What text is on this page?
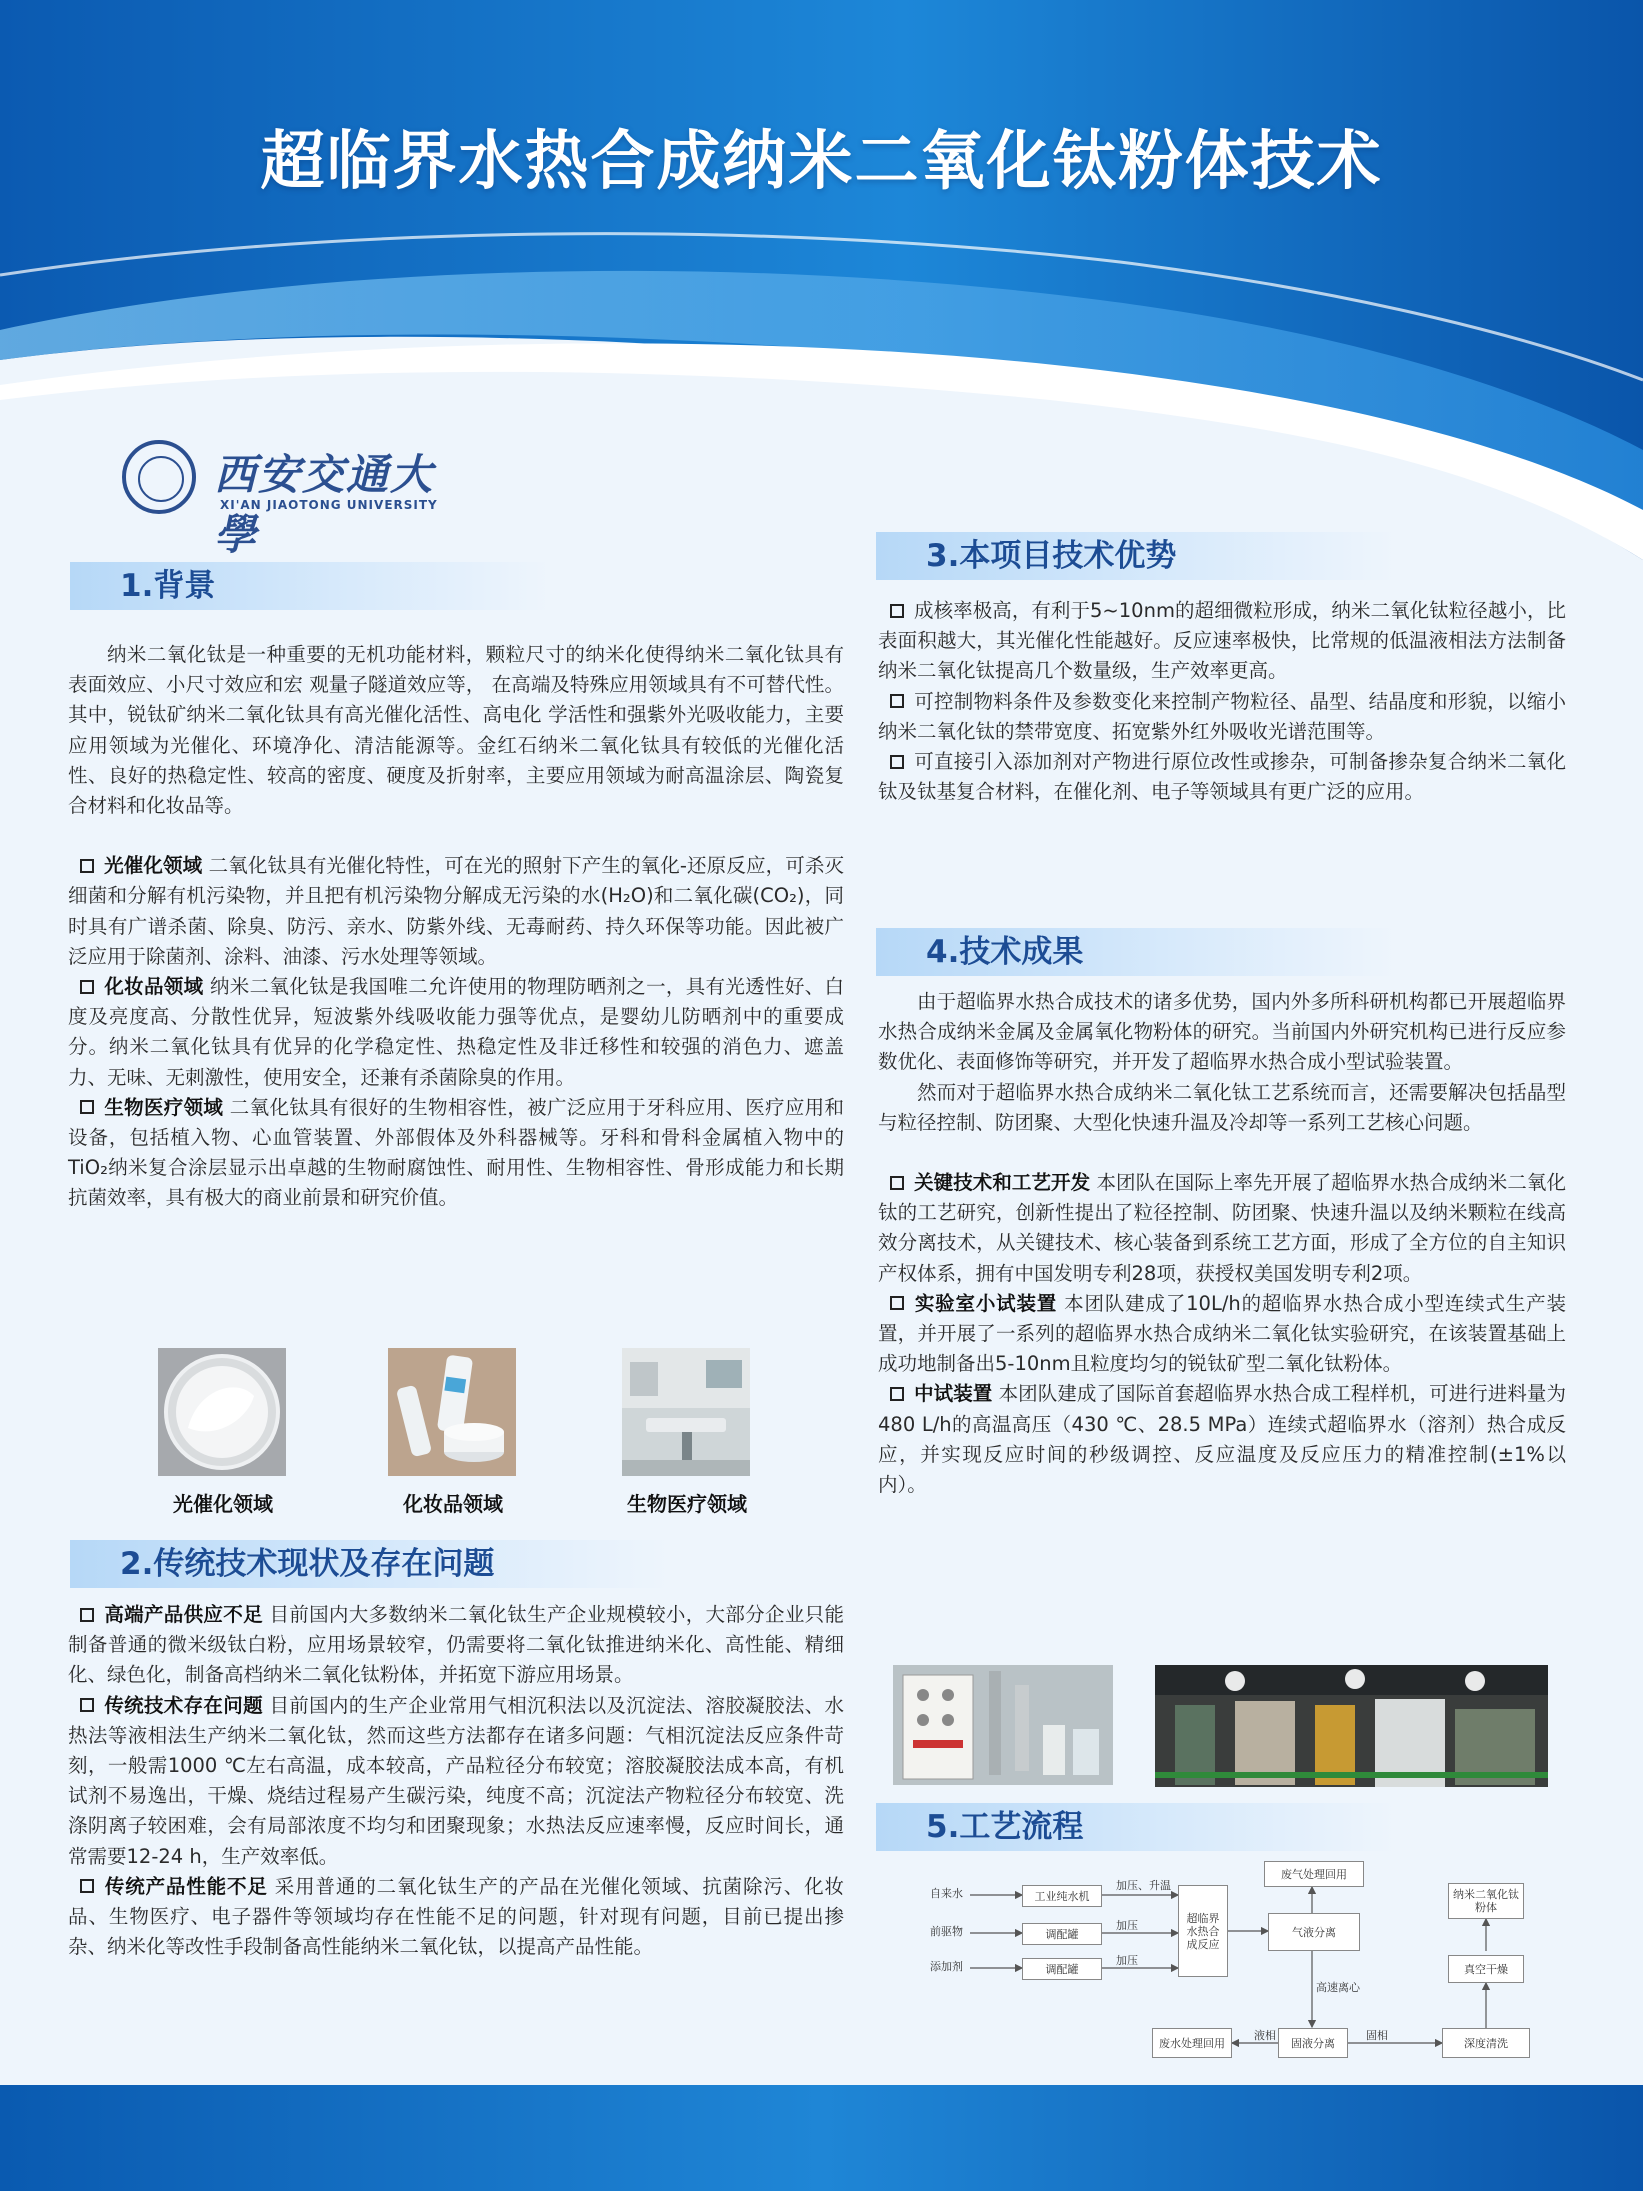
超临界水热合成纳米二氧化钛粉体技术
西安交通大學
XI'AN JIAOTONG UNIVERSITY
1.背景

纳米二氧化钛是一种重要的无机功能材料，颗粒尺寸的纳米化使得纳米二氧化钛具有表面效应、小尺寸效应和宏 观量子隧道效应等， 在高端及特殊应用领域具有不可替代性。其中，锐钛矿纳米二氧化钛具有高光催化活性、高电化 学活性和强紫外光吸收能力，主要应用领域为光催化、环境净化、清洁能源等。金红石纳米二氧化钛具有较低的光催化活性、良好的热稳定性、较高的密度、硬度及折射率，主要应用领域为耐高温涂层、陶瓷复合材料和化妆品等。

光催化领域 二氧化钛具有光催化特性，可在光的照射下产生的氧化-还原反应，可杀灭细菌和分解有机污染物，并且把有机污染物分解成无污染的水(H₂O)和二氧化碳(CO₂)，同时具有广谱杀菌、除臭、防污、亲水、防紫外线、无毒耐药、持久环保等功能。因此被广泛应用于除菌剂、涂料、油漆、污水处理等领域。

化妆品领域 纳米二氧化钛是我国唯二允许使用的物理防晒剂之一，具有光透性好、白度及亮度高、分散性优异，短波紫外线吸收能力强等优点，是婴幼儿防晒剂中的重要成分。纳米二氧化钛具有优异的化学稳定性、热稳定性及非迁移性和较强的消色力、遮盖力、无味、无刺激性，使用安全，还兼有杀菌除臭的作用。

生物医疗领域 二氧化钛具有很好的生物相容性，被广泛应用于牙科应用、医疗应用和设备，包括植入物、心血管装置、外部假体及外科器械等。牙科和骨科金属植入物中的TiO₂纳米复合涂层显示出卓越的生物耐腐蚀性、耐用性、生物相容性、骨形成能力和长期抗菌效率，具有极大的商业前景和研究价值。

光催化领域	化妆品领域	生物医疗领域
2.传统技术现状及存在问题

高端产品供应不足 目前国内大多数纳米二氧化钛生产企业规模较小，大部分企业只能制备普通的微米级钛白粉，应用场景较窄，仍需要将二氧化钛推进纳米化、高性能、精细化、绿色化，制备高档纳米二氧化钛粉体，并拓宽下游应用场景。

传统技术存在问题 目前国内的生产企业常用气相沉积法以及沉淀法、溶胶凝胶法、水热法等液相法生产纳米二氧化钛，然而这些方法都存在诸多问题：气相沉淀法反应条件苛刻，一般需1000 ℃左右高温，成本较高，产品粒径分布较宽；溶胶凝胶法成本高，有机试剂不易逸出，干燥、烧结过程易产生碳污染，纯度不高；沉淀法产物粒径分布较宽、洗涤阴离子较困难，会有局部浓度不均匀和团聚现象；水热法反应速率慢，反应时间长，通常需要12-24 h，生产效率低。

传统产品性能不足 采用普通的二氧化钛生产的产品在光催化领域、抗菌除污、化妆品、生物医疗、电子器件等领域均存在性能不足的问题，针对现有问题，目前已提出掺杂、纳米化等改性手段制备高性能纳米二氧化钛，以提高产品性能。

3.本项目技术优势

成核率极高，有利于5~10nm的超细微粒形成，纳米二氧化钛粒径越小，比表面积越大，其光催化性能越好。反应速率极快，比常规的低温液相法方法制备纳米二氧化钛提高几个数量级，生产效率更高。

可控制物料条件及参数变化来控制产物粒径、晶型、结晶度和形貌，以缩小纳米二氧化钛的禁带宽度、拓宽紫外红外吸收光谱范围等。

可直接引入添加剂对产物进行原位改性或掺杂，可制备掺杂复合纳米二氧化钛及钛基复合材料，在催化剂、电子等领域具有更广泛的应用。

4.技术成果

由于超临界水热合成技术的诸多优势，国内外多所科研机构都已开展超临界水热合成纳米金属及金属氧化物粉体的研究。当前国内外研究机构已进行反应参数优化、表面修饰等研究，并开发了超临界水热合成小型试验装置。

然而对于超临界水热合成纳米二氧化钛工艺系统而言，还需要解决包括晶型与粒径控制、防团聚、大型化快速升温及冷却等一系列工艺核心问题。

关键技术和工艺开发 本团队在国际上率先开展了超临界水热合成纳米二氧化钛的工艺研究，创新性提出了粒径控制、防团聚、快速升温以及纳米颗粒在线高效分离技术，从关键技术、核心装备到系统工艺方面，形成了全方位的自主知识产权体系，拥有中国发明专利28项，获授权美国发明专利2项。

实验室小试装置 本团队建成了10L/h的超临界水热合成小型连续式生产装置，并开展了一系列的超临界水热合成纳米二氧化钛实验研究，在该装置基础上成功地制备出5-10nm且粒度均匀的锐钛矿型二氧化钛粉体。

中试装置 本团队建成了国际首套超临界水热合成工程样机，可进行进料量为480 L/h的高温高压（430 ℃、28.5 MPa）连续式超临界水（溶剂）热合成反应，并实现反应时间的秒级调控、反应温度及反应压力的精准控制(±1%以内）。

5.工艺流程
自来水
前驱物
添加剂
工业纯水机
调配罐
调配罐
加压、升温
加压
加压
超临界水热合成反应
气液分离
废气处理回用
高速离心
固液分离
液相
废水处理回用
固相
深度清洗
真空干燥
纳米二氧化钛粉体
